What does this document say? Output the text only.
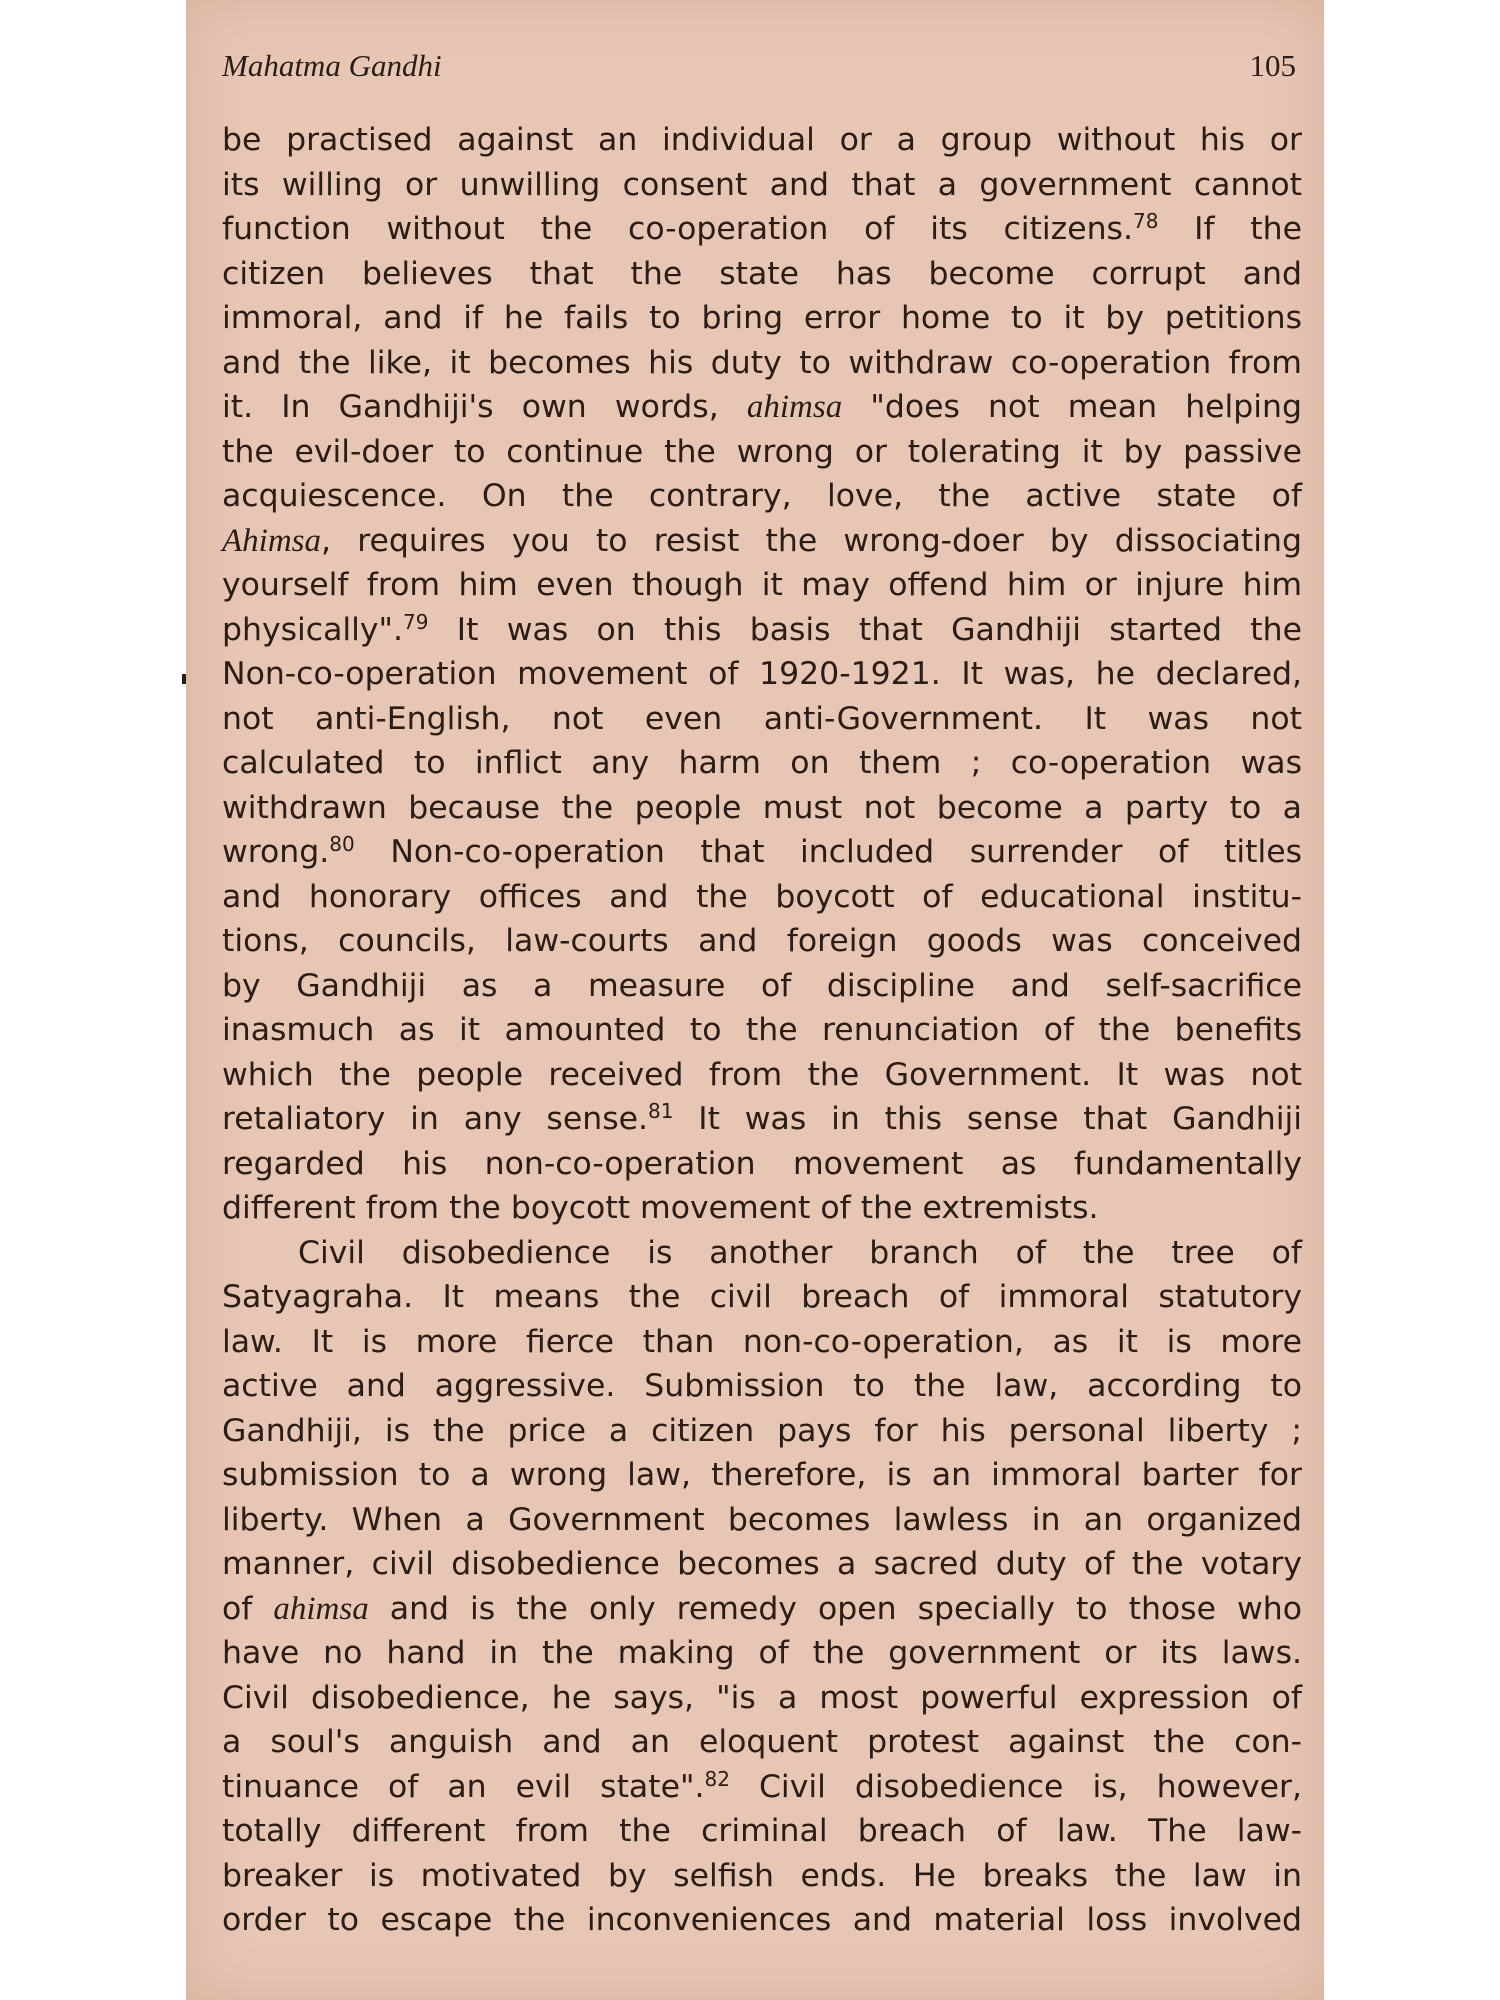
Mahatma Gandhi	105

be practised against an individual or a group without his or
its willing or unwilling consent and that a government cannot
function without the co-operation of its citizens.$^{78}$ If the
citizen believes that the state has become corrupt and
immoral, and if he fails to bring error home to it by petitions
and the like, it becomes his duty to withdraw co-operation from
it. In Gandhiji's own words, ahimsa "does not mean helping
the evil-doer to continue the wrong or tolerating it by passive
acquiescence. On the contrary, love, the active state of
Ahimsa, requires you to resist the wrong-doer by dissociating
yourself from him even though it may offend him or injure him
physically".$^{79}$ It was on this basis that Gandhiji started the
Non-co-operation movement of 1920-1921. It was, he declared,
not anti-English, not even anti-Government. It was not
calculated to inflict any harm on them ; co-operation was
withdrawn because the people must not become a party to a
wrong.$^{80}$ Non-co-operation that included surrender of titles
and honorary offices and the boycott of educational institu-
tions, councils, law-courts and foreign goods was conceived
by Gandhiji as a measure of discipline and self-sacrifice
inasmuch as it amounted to the renunciation of the benefits
which the people received from the Government. It was not
retaliatory in any sense.$^{81}$ It was in this sense that Gandhiji
regarded his non-co-operation movement as fundamentally
different from the boycott movement of the extremists.

Civil disobedience is another branch of the tree of
Satyagraha. It means the civil breach of immoral statutory
law. It is more fierce than non-co-operation, as it is more
active and aggressive. Submission to the law, according to
Gandhiji, is the price a citizen pays for his personal liberty ;
submission to a wrong law, therefore, is an immoral barter for
liberty. When a Government becomes lawless in an organized
manner, civil disobedience becomes a sacred duty of the votary
of ahimsa and is the only remedy open specially to those who
have no hand in the making of the government or its laws.
Civil disobedience, he says, "is a most powerful expression of
a soul's anguish and an eloquent protest against the con-
tinuance of an evil state".$^{82}$ Civil disobedience is, however,
totally different from the criminal breach of law. The law-
breaker is motivated by selfish ends. He breaks the law in
order to escape the inconveniences and material loss involved
